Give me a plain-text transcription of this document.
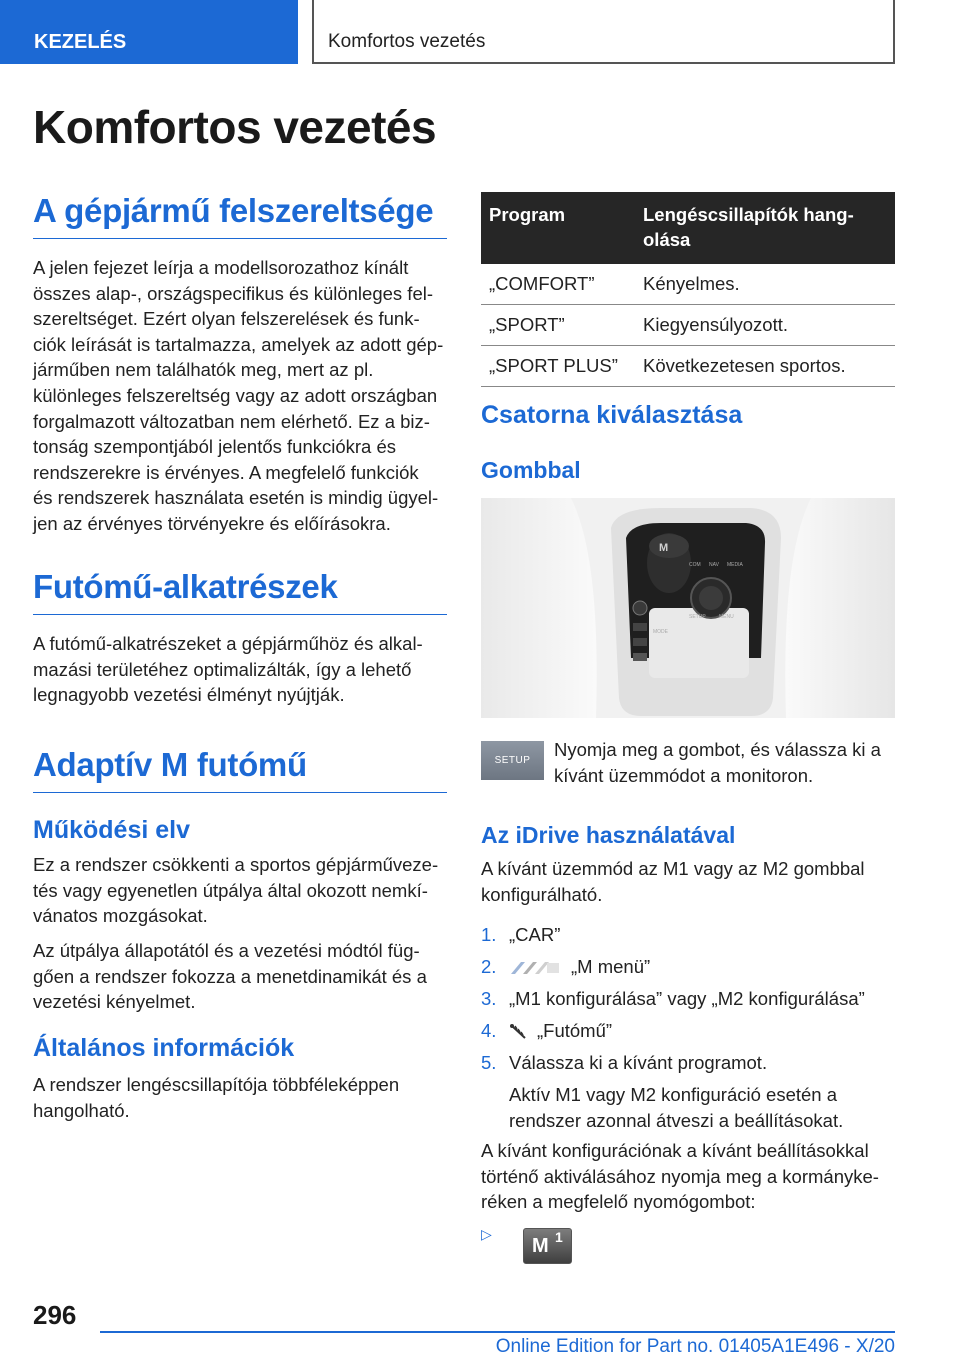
KEZELÉS	Komfortos vezetés
Komfortos vezetés
A gépjármű felszereltsége

A jelen fejezet leírja a modellsorozathoz kínált

összes alap-, országspecifikus és különleges fel-

szereltséget. Ezért olyan felszerelések és funk-

ciók leírását is tartalmazza, amelyek az adott gép-

járműben nem találhatók meg, mert az pl.

különleges felszereltség vagy az adott országban

forgalmazott változatban nem elérhető. Ez a biz-

tonság szempontjából jelentős funkciókra és

rendszerekre is érvényes. A megfelelő funkciók

és rendszerek használata esetén is mindig ügyel-

jen az érvényes törvényekre és előírásokra.

Futómű-alkatrészek

A futómű-alkatrészeket a gépjárműhöz és alkal-

mazási területéhez optimalizálták, így a lehető

legnagyobb vezetési élményt nyújtják.

Adaptív M futómű
Működési elv

Ez a rendszer csökkenti a sportos gépjárműveze-

tés vagy egyenetlen útpálya által okozott nemkí-

vánatos mozgásokat.

Az útpálya állapotától és a vezetési módtól füg-

gően a rendszer fokozza a menetdinamikát és a

vezetési kényelmet.

Általános információk

A rendszer lengéscsillapítója többféleképpen

hangolható.

Program	Lengéscsillapítók hang-
olása
„COMFORT”	Kényelmes.
„SPORT”	Kiegyensúlyozott.
„SPORT PLUS”	Következetesen sportos.
Csatorna kiválasztása
Gombbal
M
COM NAV MEDIA
MODE
SETUP	MENU
SETUP

Nyomja meg a gombot, és válassza ki a

kívánt üzemmódot a monitoron.

Az iDrive használatával

A kívánt üzemmód az M1 vagy az M2 gombbal

konfigurálható.

1. „CAR”
2.	„M menü”
3. „M1 konfigurálása” vagy „M2 konfigurálása”
4. „Futómű”
5. Válassza ki a kívánt programot.

Aktív M1 vagy M2 konfiguráció esetén a

rendszer azonnal átveszi a beállításokat.

A kívánt konfigurációnak a kívánt beállításokkal

történő aktiválásához nyomja meg a kormányke-

réken a megfelelő nyomógombot:

▷
M 1
296
Online Edition for Part no. 01405A1E496 - X/20
